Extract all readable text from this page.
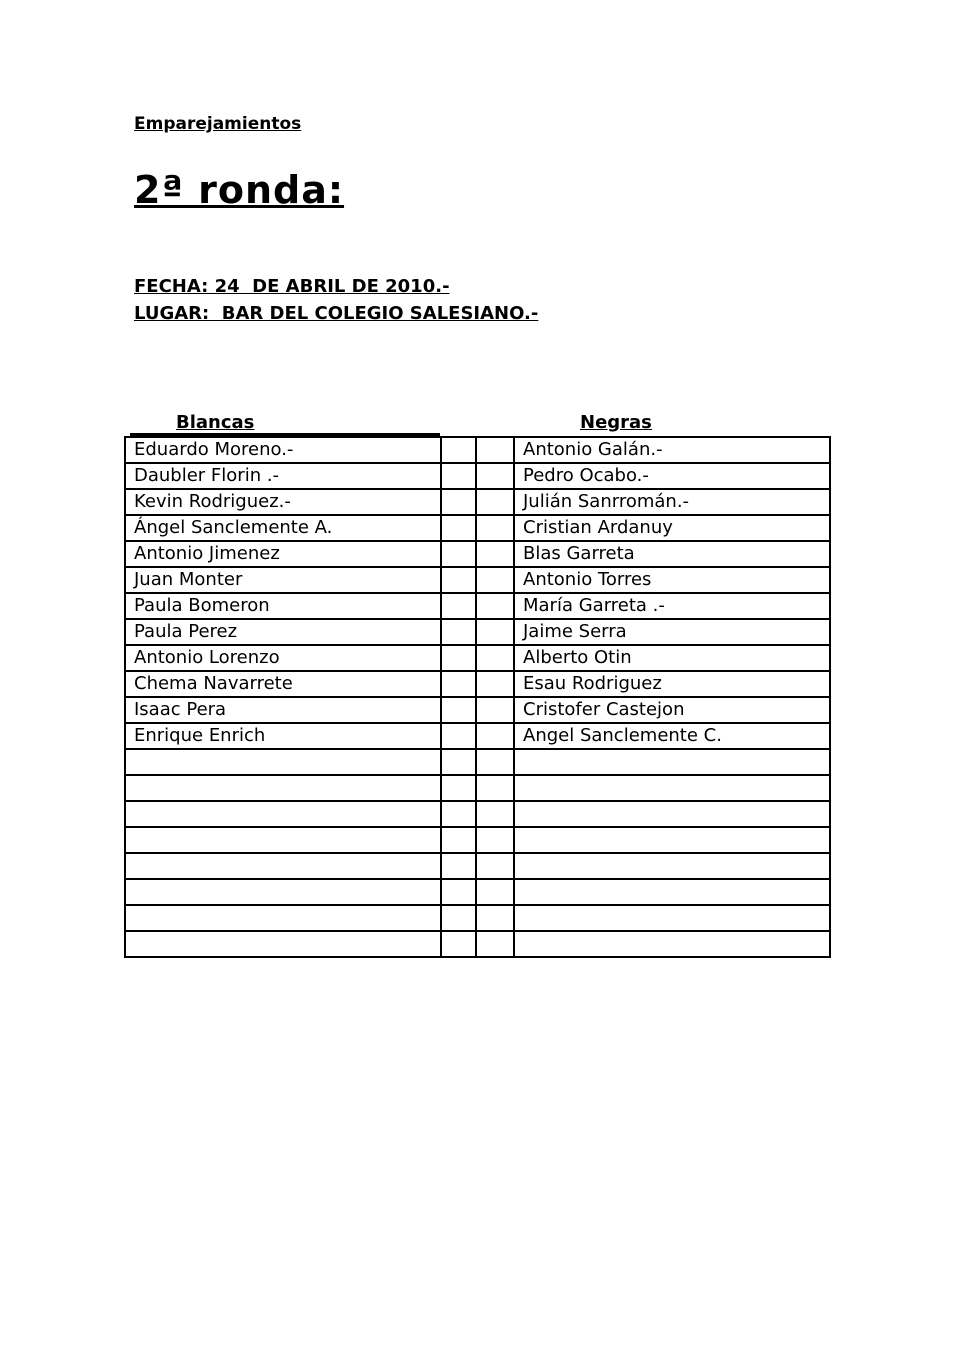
Emparejamientos
2ª ronda:
FECHA: 24  DE ABRIL DE 2010.-
LUGAR:  BAR DEL COLEGIO SALESIANO.-
Blancas	Negras
Eduardo Moreno.-			Antonio Galán.-
Daubler Florin .-			Pedro Ocabo.-
Kevin Rodriguez.-			Julián Sanrromán.-
Ángel Sanclemente A.			Cristian Ardanuy
Antonio Jimenez			Blas Garreta
Juan Monter			Antonio Torres
Paula Bomeron			María Garreta .-
Paula Perez			Jaime Serra
Antonio Lorenzo			Alberto Otin
Chema Navarrete			Esau Rodriguez
Isaac Pera			Cristofer Castejon
Enrique Enrich			Angel Sanclemente C.
